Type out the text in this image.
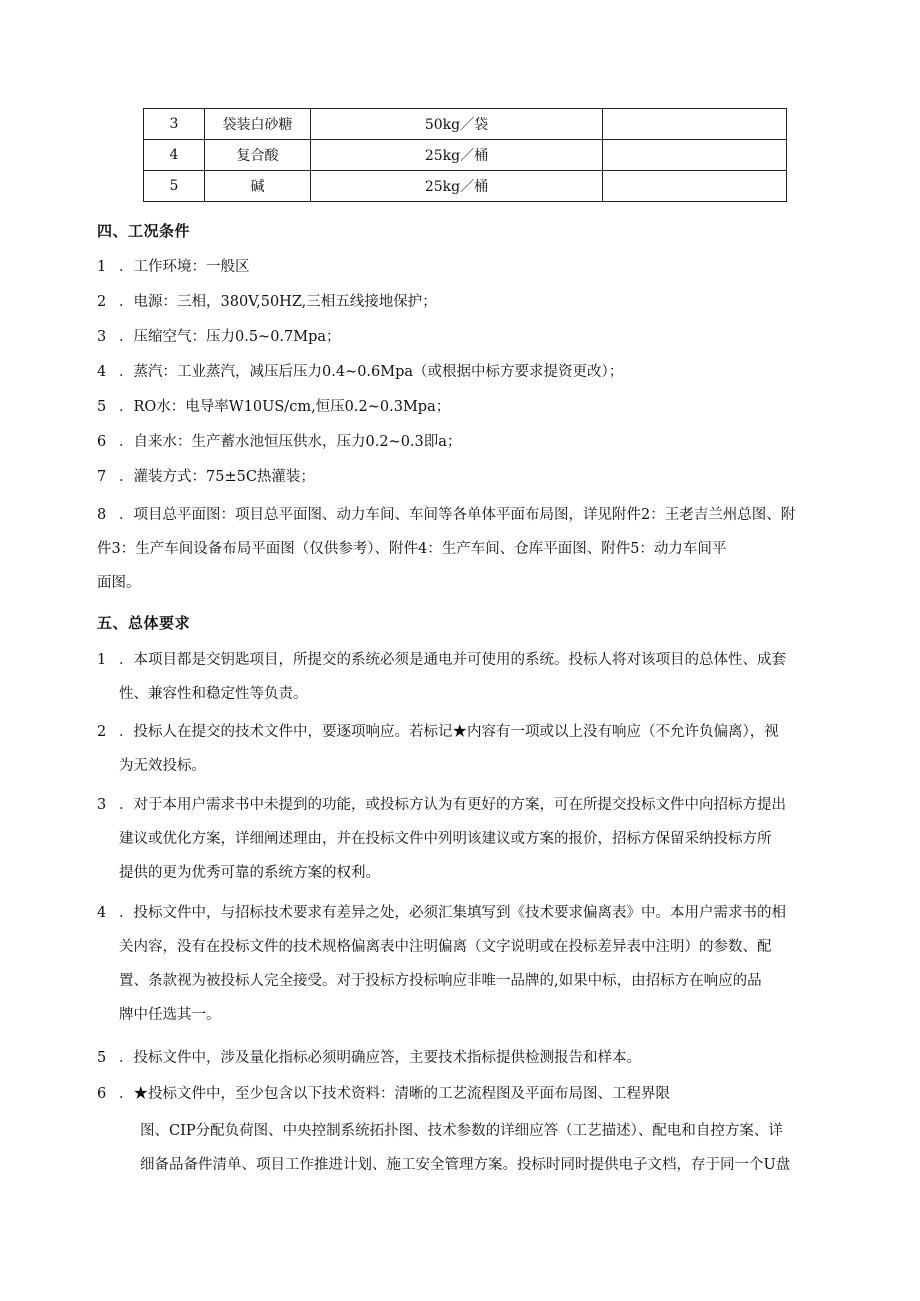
3	袋装白砂糖	50kg／袋	
4	复合酸	25kg／桶	
5	碱	25kg／桶	
四、工况条件
1 ．工作环境：一般区
2 ．电源：三相，380V,50HZ,三相五线接地保护；
3 ．压缩空气：压力0.5~0.7Mpa；
4 ．蒸汽：工业蒸汽，减压后压力0.4~0.6Mpa（或根据中标方要求提资更改）；
5 ．RO水：电导率W10US/cm,恒压0.2~0.3Mpa；
6 ．自来水：生产蓄水池恒压供水，压力0.2~0.3即a；
7 ．灌装方式：75±5C热灌装；
8 ．项目总平面图：项目总平面图、动力车间、车间等各单体平面布局图，详见附件2：王老吉兰州总图、附
件3：生产车间设备布局平面图（仅供参考）、附件4：生产车间、仓库平面图、附件5：动力车间平
面图。
五、总体要求
1 ．本项目都是交钥匙项目，所提交的系统必须是通电并可使用的系统。投标人将对该项目的总体性、成套
性、兼容性和稳定性等负责。
2 ．投标人在提交的技术文件中，要逐项响应。若标记★内容有一项或以上没有响应（不允许负偏离），视
为无效投标。
3 ．对于本用户需求书中未提到的功能，或投标方认为有更好的方案，可在所提交投标文件中向招标方提出
建议或优化方案，详细阐述理由，并在投标文件中列明该建议或方案的报价，招标方保留采纳投标方所
提供的更为优秀可靠的系统方案的权利。
4 ．投标文件中，与招标技术要求有差异之处，必须汇集填写到《技术要求偏离表》中。本用户需求书的相
关内容，没有在投标文件的技术规格偏离表中注明偏离（文字说明或在投标差异表中注明）的参数、配
置、条款视为被投标人完全接受。对于投标方投标响应非唯一品牌的,如果中标，由招标方在响应的品
牌中任选其一。
5 ．投标文件中，涉及量化指标必须明确应答，主要技术指标提供检测报告和样本。
6 ．★投标文件中，至少包含以下技术资料：清晰的工艺流程图及平面布局图、工程界限
图、CIP分配负荷图、中央控制系统拓扑图、技术参数的详细应答（工艺描述）、配电和自控方案、详
细备品备件清单、项目工作推进计划、施工安全管理方案。投标时同时提供电子文档，存于同一个U盘
